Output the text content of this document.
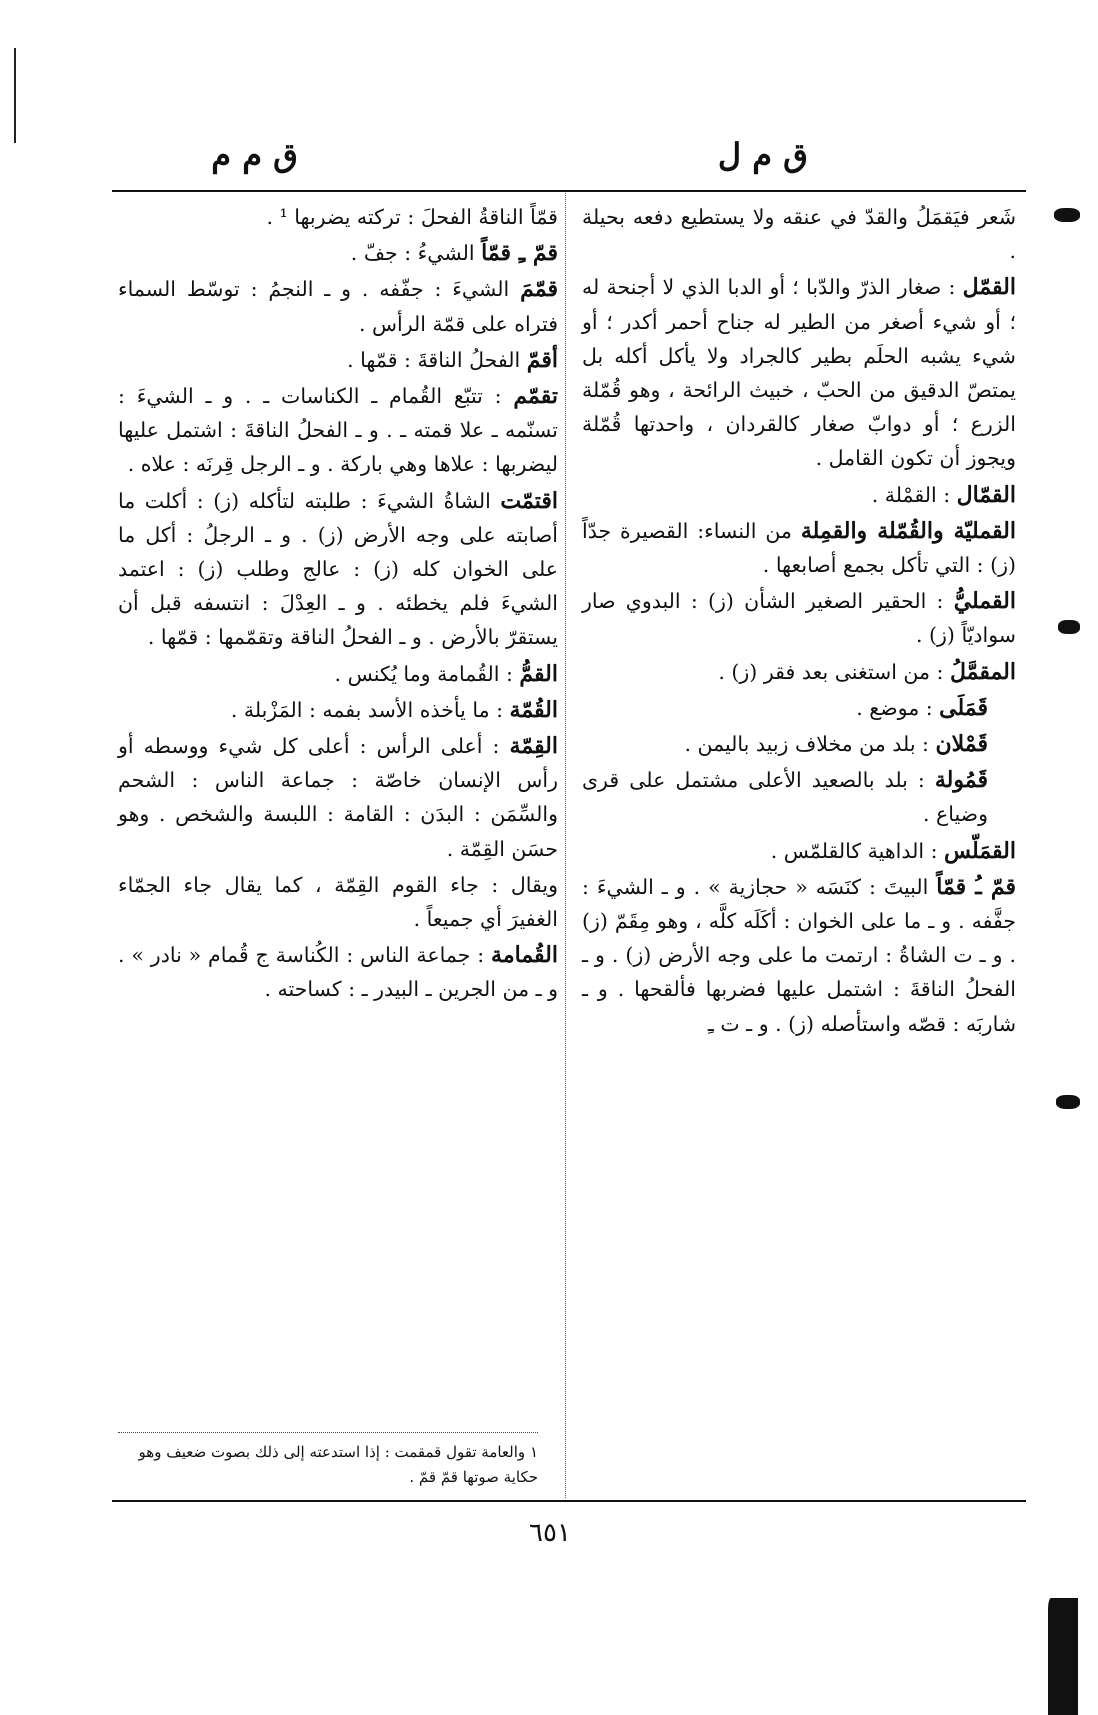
ق م ل
ق م م

شَعر فيَقمَلُ والقدّ في عنقه ولا يستطيع دفعه بحيلة .

القمّل : صغار الذرّ والدّبا ؛ أو الدبا الذي لا أجنحة له ؛ أو شيء أصغر من الطير له جناح أحمر أكدر ؛ أو شيء يشبه الحلَم بطير كالجراد ولا يأكل أكله بل يمتصّ الدقيق من الحبّ ، خبيث الرائحة ، وهو قُمّلة الزرع ؛ أو دوابّ صغار كالقردان ، واحدتها قُمّلة ويجوز أن تكون القامل .

القمّال : القمْلة .

القمليّة والقُمّلة والقمِلة من النساء: القصيرة جدّاً (ز) : التي تأكل بجمع أصابعها .

القمليُّ : الحقير الصغير الشأن (ز) : البدوي صار سواديّاً (ز) .

المقمَّلُ : من استغنى بعد فقر (ز) .

قَمَلَى : موضع .

قَمْلان : بلد من مخلاف زبيد باليمن .

قَمُولة : بلد بالصعيد الأعلى مشتمل على قرى وضياع .

القمَلّس : الداهية كالقلمّس .

قمّ ـُ قمّاً البيتَ : كنَسَه « حجازية » . و ـ الشيءَ : جفَّفه . و ـ ما على الخوان : أكَلَه كلَّه ، وهو مِقَمّ (ز) . و ـ ت الشاةُ : ارتمت ما على وجه الأرض (ز) . و ـ الفحلُ الناقةَ : اشتمل عليها فضربها فألقحها . و ـ شاربَه : قصّه واستأصله (ز) . و ـ ت ـِ

قمّاً الناقةُ الفحلَ : تركته يضربها ¹ .

قمّ ـِ قمّاً الشيءُ : جفّ .

قمّمَ الشيءَ : جفّفه . و ـ النجمُ : توسّط السماء فتراه على قمّة الرأس .

أقمّ الفحلُ الناقةَ : قمّها .

تقمّم : تتبّع القُمام ـ الكناسات ـ . و ـ الشيءَ : تسنّمه ـ علا قمته ـ . و ـ الفحلُ الناقةَ : اشتمل عليها ليضربها : علاها وهي باركة . و ـ الرجل قِرنَه : علاه .

اقتمّت الشاةُ الشيءَ : طلبته لتأكله (ز) : أكلت ما أصابته على وجه الأرض (ز) . و ـ الرجلُ : أكل ما على الخوان كله (ز) : عالج وطلب (ز) : اعتمد الشيءَ فلم يخطئه . و ـ العِدْلَ : انتسفه قبل أن يستقرّ بالأرض . و ـ الفحلُ الناقة وتقمّمها : قمّها .

القمُّ : القُمامة وما يُكنس .

القُمّة : ما يأخذه الأسد بفمه : المَزْبلة .

القِمّة : أعلى الرأس : أعلى كل شيء ووسطه أو رأس الإنسان خاصّة : جماعة الناس : الشحم والسِّمَن : البدَن : القامة : اللبسة والشخص . وهو حسَن القِمّة .

ويقال : جاء القوم القِمّة ، كما يقال جاء الجمّاء الغفيرَ أي جميعاً .

القُمامة : جماعة الناس : الكُناسة ج قُمام « نادر » . و ـ من الجرين ـ البيدر ـ : كساحته .

١ والعامة تقول قمقمت : إذا استدعته إلى ذلك بصوت ضعيف وهو حكاية صوتها قمّ قمّ .
٦٥١
